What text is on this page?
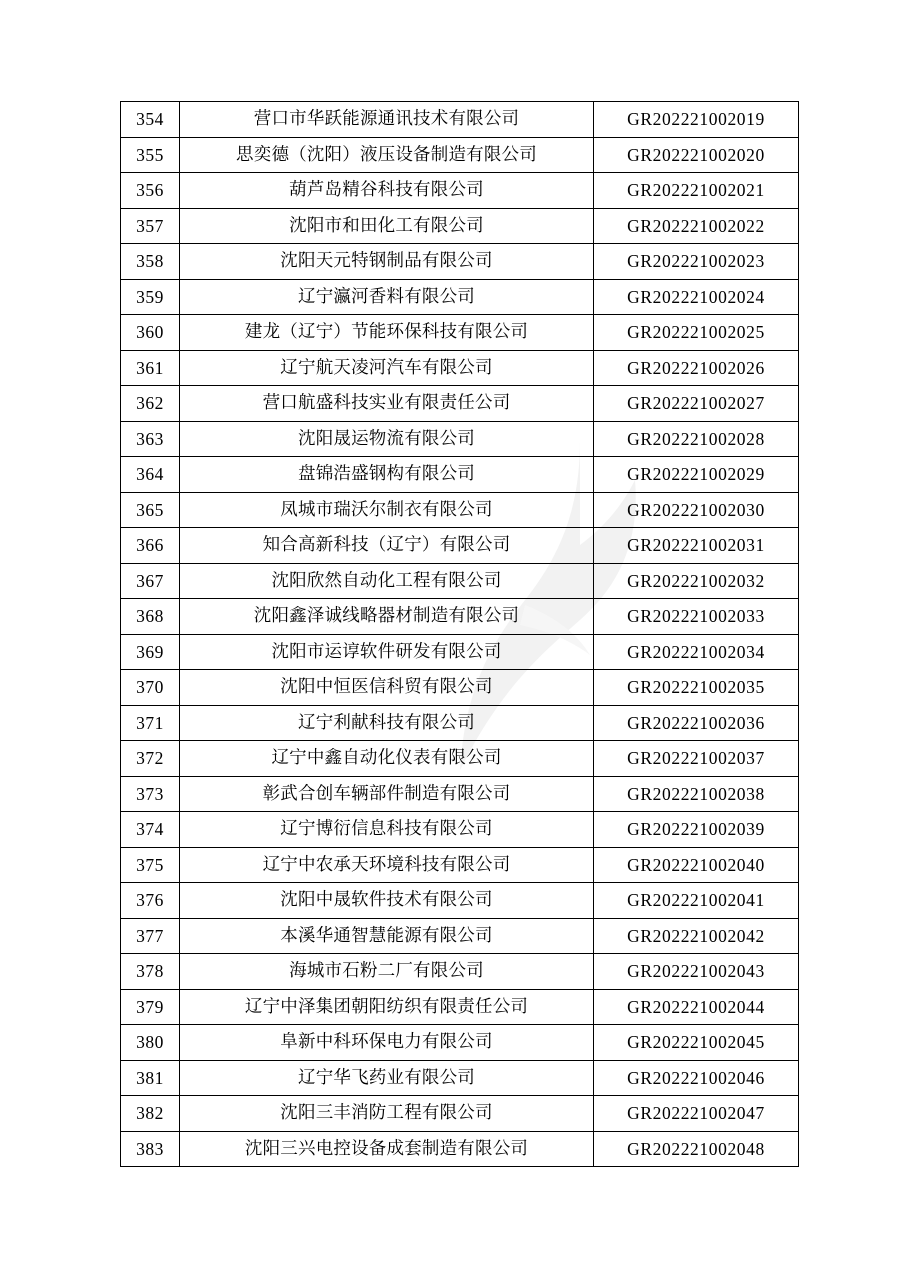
354	营口市华跃能源通讯技术有限公司	GR202221002019
355	思奕德（沈阳）液压设备制造有限公司	GR202221002020
356	葫芦岛精谷科技有限公司	GR202221002021
357	沈阳市和田化工有限公司	GR202221002022
358	沈阳天元特钢制品有限公司	GR202221002023
359	辽宁瀛河香料有限公司	GR202221002024
360	建龙（辽宁）节能环保科技有限公司	GR202221002025
361	辽宁航天凌河汽车有限公司	GR202221002026
362	营口航盛科技实业有限责任公司	GR202221002027
363	沈阳晟运物流有限公司	GR202221002028
364	盘锦浩盛钢构有限公司	GR202221002029
365	凤城市瑞沃尔制衣有限公司	GR202221002030
366	知合高新科技（辽宁）有限公司	GR202221002031
367	沈阳欣然自动化工程有限公司	GR202221002032
368	沈阳鑫泽诚线略器材制造有限公司	GR202221002033
369	沈阳市运谆软件研发有限公司	GR202221002034
370	沈阳中恒医信科贸有限公司	GR202221002035
371	辽宁利献科技有限公司	GR202221002036
372	辽宁中鑫自动化仪表有限公司	GR202221002037
373	彰武合创车辆部件制造有限公司	GR202221002038
374	辽宁博衍信息科技有限公司	GR202221002039
375	辽宁中农承天环境科技有限公司	GR202221002040
376	沈阳中晟软件技术有限公司	GR202221002041
377	本溪华通智慧能源有限公司	GR202221002042
378	海城市石粉二厂有限公司	GR202221002043
379	辽宁中泽集团朝阳纺织有限责任公司	GR202221002044
380	阜新中科环保电力有限公司	GR202221002045
381	辽宁华飞药业有限公司	GR202221002046
382	沈阳三丰消防工程有限公司	GR202221002047
383	沈阳三兴电控设备成套制造有限公司	GR202221002048
